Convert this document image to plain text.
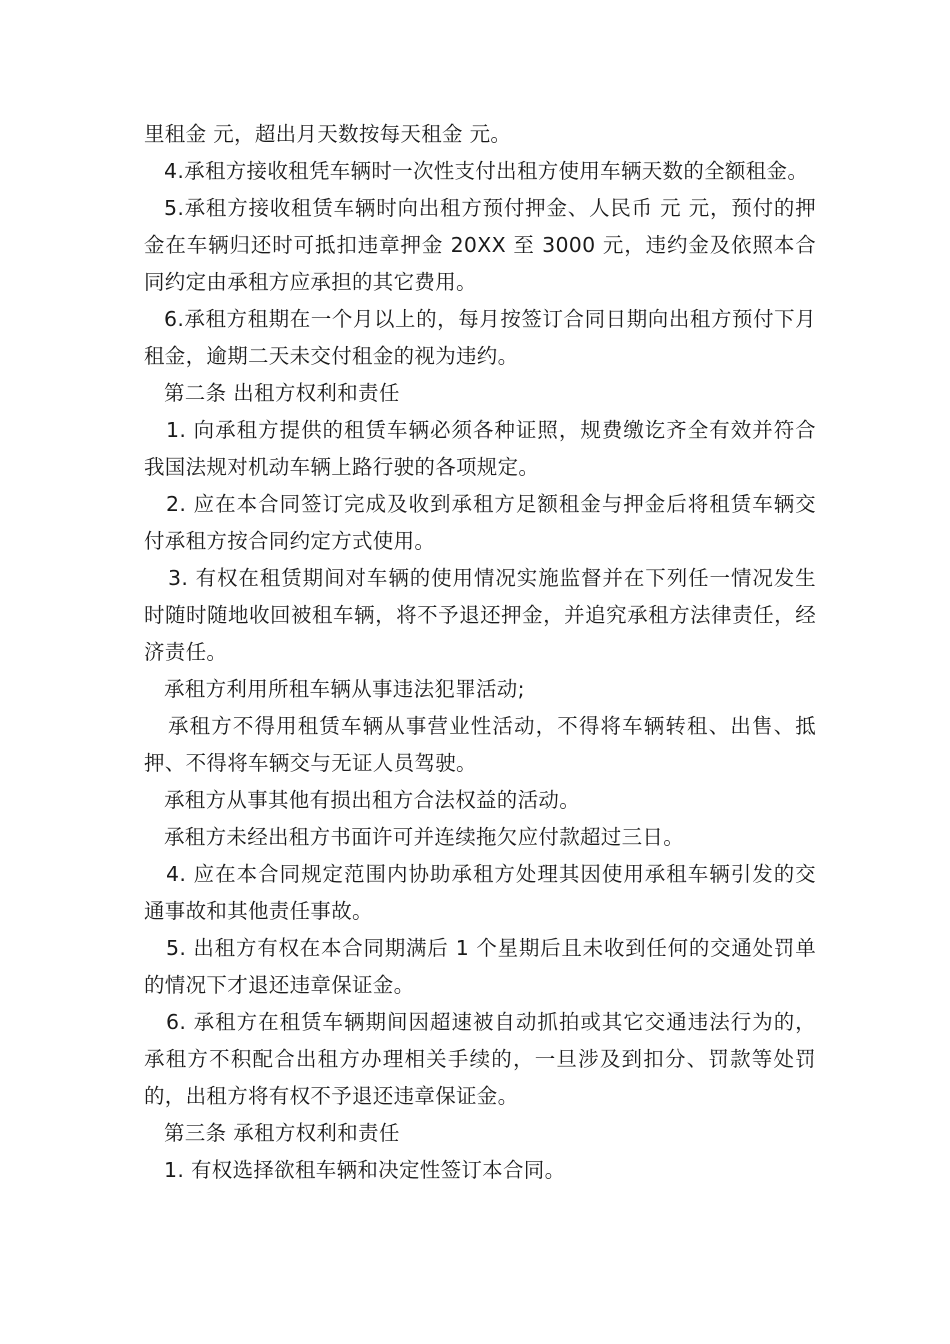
里租金 元，超出月天数按每天租金 元。

4.承租方接收租凭车辆时一次性支付出租方使用车辆天数的全额租金。

5.承租方接收租赁车辆时向出租方预付押金、人民币 元 元，预付的押金在车辆归还时可抵扣违章押金 20XX 至 3000 元，违约金及依照本合同约定由承租方应承担的其它费用。

6.承租方租期在一个月以上的，每月按签订合同日期向出租方预付下月租金，逾期二天未交付租金的视为违约。

第二条 出租方权利和责任

1. 向承租方提供的租赁车辆必须各种证照，规费缴讫齐全有效并符合我国法规对机动车辆上路行驶的各项规定。

2. 应在本合同签订完成及收到承租方足额租金与押金后将租赁车辆交付承租方按合同约定方式使用。

3. 有权在租赁期间对车辆的使用情况实施监督并在下列任一情况发生时随时随地收回被租车辆，将不予退还押金，并追究承租方法律责任，经济责任。

承租方利用所租车辆从事违法犯罪活动;

承租方不得用租赁车辆从事营业性活动，不得将车辆转租、出售、抵押、不得将车辆交与无证人员驾驶。

承租方从事其他有损出租方合法权益的活动。

承租方未经出租方书面许可并连续拖欠应付款超过三日。

4. 应在本合同规定范围内协助承租方处理其因使用承租车辆引发的交通事故和其他责任事故。

5. 出租方有权在本合同期满后 1 个星期后且未收到任何的交通处罚单的情况下才退还违章保证金。

6. 承租方在租赁车辆期间因超速被自动抓拍或其它交通违法行为的，承租方不积配合出租方办理相关手续的，一旦涉及到扣分、罚款等处罚的，出租方将有权不予退还违章保证金。

第三条 承租方权利和责任

1. 有权选择欲租车辆和决定性签订本合同。
